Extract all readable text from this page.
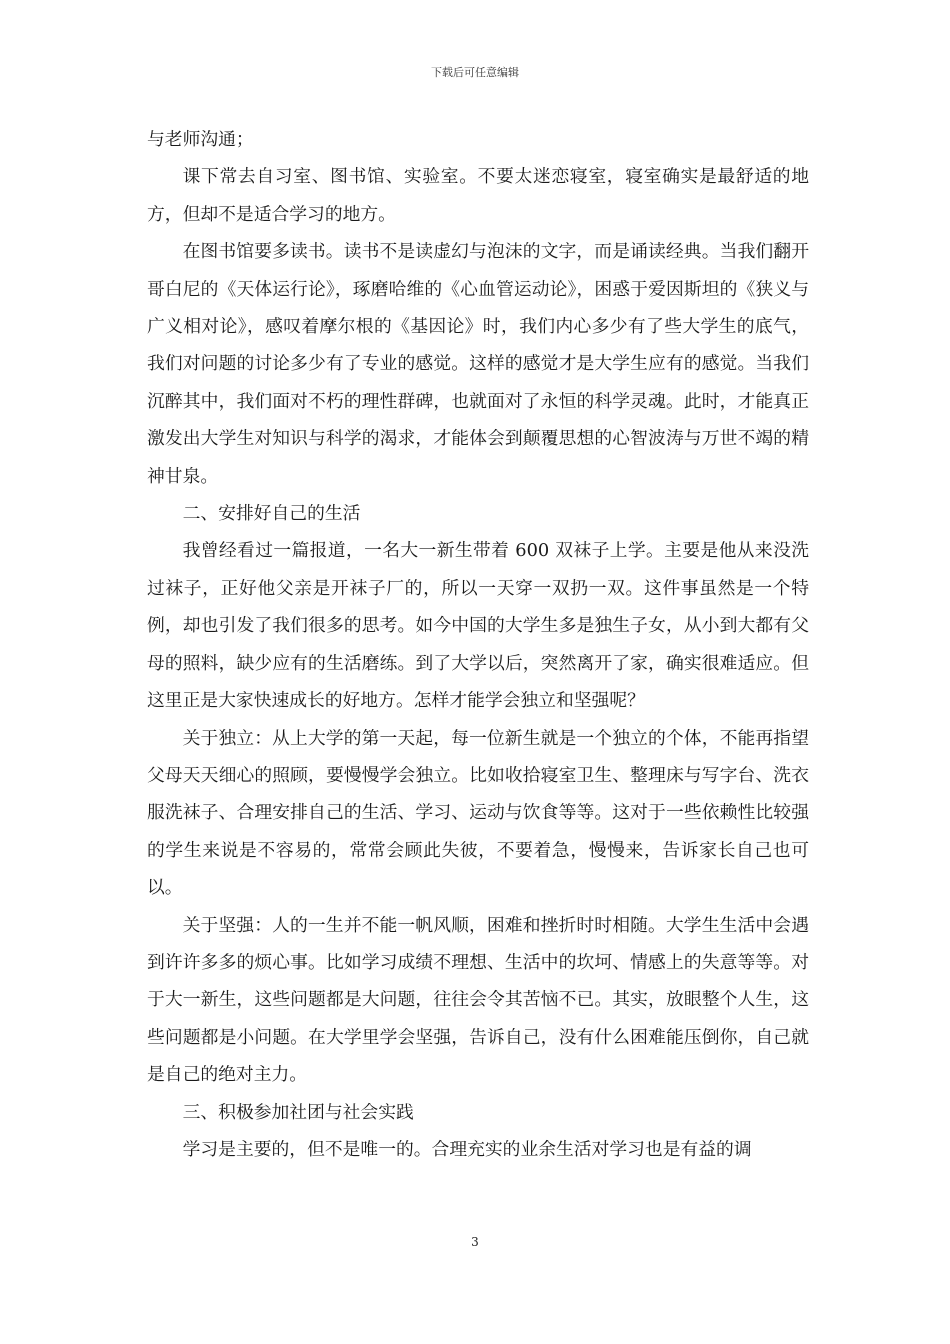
下载后可任意编辑

与老师沟通；

课下常去自习室、图书馆、实验室。不要太迷恋寝室，寝室确实是最舒适的地方，但却不是适合学习的地方。

在图书馆要多读书。读书不是读虚幻与泡沫的文字，而是诵读经典。当我们翻开哥白尼的《天体运行论》，琢磨哈维的《心血管运动论》，困惑于爱因斯坦的《狭义与广义相对论》，感叹着摩尔根的《基因论》时，我们内心多少有了些大学生的底气，我们对问题的讨论多少有了专业的感觉。这样的感觉才是大学生应有的感觉。当我们沉醉其中，我们面对不朽的理性群碑，也就面对了永恒的科学灵魂。此时，才能真正激发出大学生对知识与科学的渴求，才能体会到颠覆思想的心智波涛与万世不竭的精神甘泉。

二、安排好自己的生活

我曾经看过一篇报道，一名大一新生带着 600 双袜子上学。主要是他从来没洗过袜子，正好他父亲是开袜子厂的，所以一天穿一双扔一双。这件事虽然是一个特例，却也引发了我们很多的思考。如今中国的大学生多是独生子女，从小到大都有父母的照料，缺少应有的生活磨练。到了大学以后，突然离开了家，确实很难适应。但这里正是大家快速成长的好地方。怎样才能学会独立和坚强呢？

关于独立：从上大学的第一天起，每一位新生就是一个独立的个体，不能再指望父母天天细心的照顾，要慢慢学会独立。比如收拾寝室卫生、整理床与写字台、洗衣服洗袜子、合理安排自己的生活、学习、运动与饮食等等。这对于一些依赖性比较强的学生来说是不容易的，常常会顾此失彼，不要着急，慢慢来，告诉家长自己也可以。

关于坚强：人的一生并不能一帆风顺，困难和挫折时时相随。大学生生活中会遇到许许多多的烦心事。比如学习成绩不理想、生活中的坎坷、情感上的失意等等。对于大一新生，这些问题都是大问题，往往会令其苦恼不已。其实，放眼整个人生，这些问题都是小问题。在大学里学会坚强，告诉自己，没有什么困难能压倒你，自己就是自己的绝对主力。

三、积极参加社团与社会实践

学习是主要的，但不是唯一的。合理充实的业余生活对学习也是有益的调

3
